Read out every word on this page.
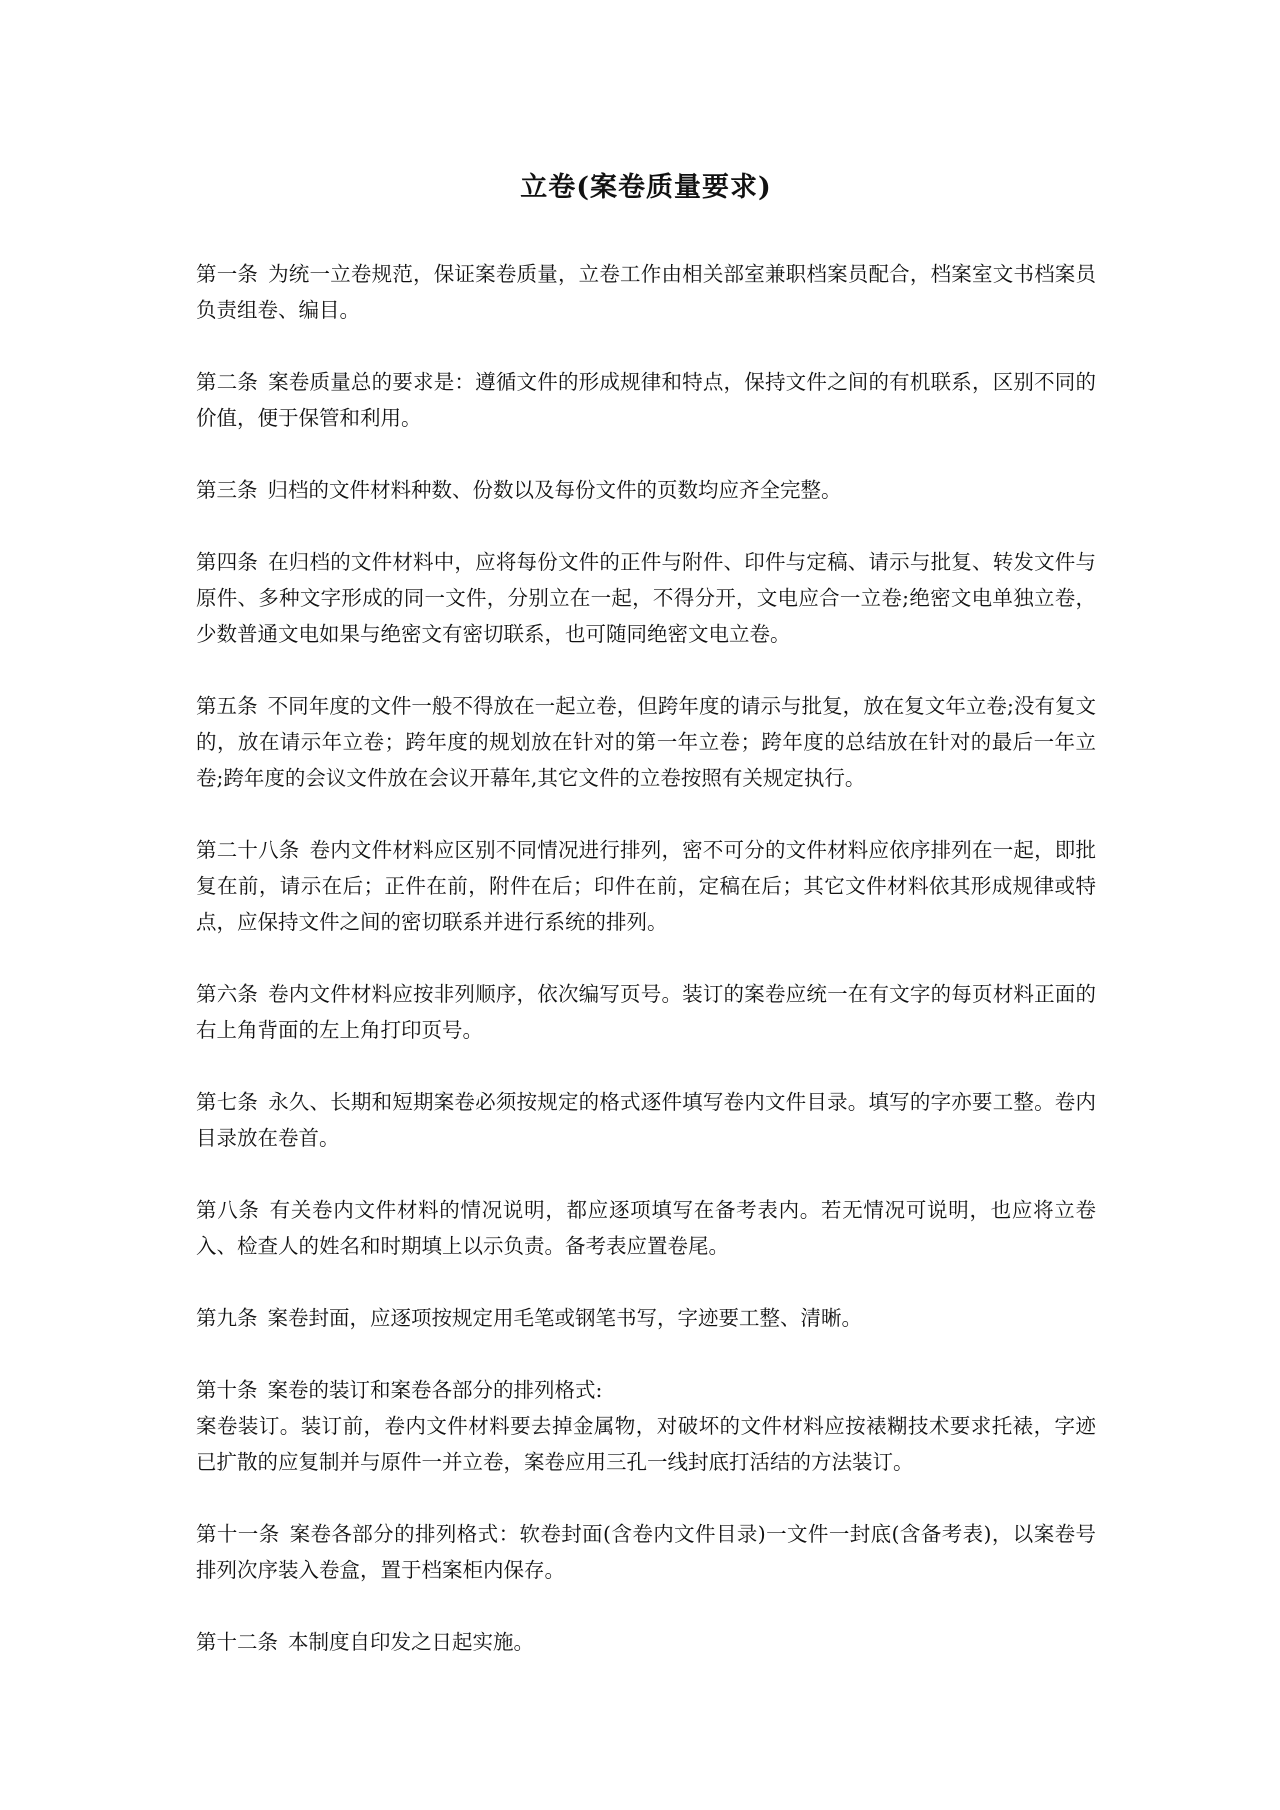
立卷(案卷质量要求)

第一条 为统一立卷规范，保证案卷质量，立卷工作由相关部室兼职档案员配合，档案室文书档案员负责组卷、编目。

第二条 案卷质量总的要求是：遵循文件的形成规律和特点，保持文件之间的有机联系，区别不同的价值，便于保管和利用。

第三条 归档的文件材料种数、份数以及每份文件的页数均应齐全完整。

第四条 在归档的文件材料中，应将每份文件的正件与附件、印件与定稿、请示与批复、转发文件与原件、多种文字形成的同一文件，分别立在一起，不得分开，文电应合一立卷;绝密文电单独立卷，少数普通文电如果与绝密文有密切联系，也可随同绝密文电立卷。

第五条 不同年度的文件一般不得放在一起立卷，但跨年度的请示与批复，放在复文年立卷;没有复文的，放在请示年立卷；跨年度的规划放在针对的第一年立卷；跨年度的总结放在针对的最后一年立卷;跨年度的会议文件放在会议开幕年,其它文件的立卷按照有关规定执行。

第二十八条 卷内文件材料应区别不同情况进行排列，密不可分的文件材料应依序排列在一起，即批复在前，请示在后；正件在前，附件在后；印件在前，定稿在后；其它文件材料依其形成规律或特点，应保持文件之间的密切联系并进行系统的排列。

第六条 卷内文件材料应按非列顺序，依次编写页号。装订的案卷应统一在有文字的每页材料正面的右上角背面的左上角打印页号。

第七条 永久、长期和短期案卷必须按规定的格式逐件填写卷内文件目录。填写的字亦要工整。卷内目录放在卷首。

第八条 有关卷内文件材料的情况说明，都应逐项填写在备考表内。若无情况可说明，也应将立卷入、检查人的姓名和时期填上以示负责。备考表应置卷尾。

第九条 案卷封面，应逐项按规定用毛笔或钢笔书写，字迹要工整、清晰。

第十条 案卷的装订和案卷各部分的排列格式:

案卷装订。装订前，卷内文件材料要去掉金属物，对破坏的文件材料应按裱糊技术要求托裱，字迹已扩散的应复制并与原件一并立卷，案卷应用三孔一线封底打活结的方法装订。

第十一条 案卷各部分的排列格式：软卷封面(含卷内文件目录)一文件一封底(含备考表)，以案卷号排列次序装入卷盒，置于档案柜内保存。

第十二条 本制度自印发之日起实施。
